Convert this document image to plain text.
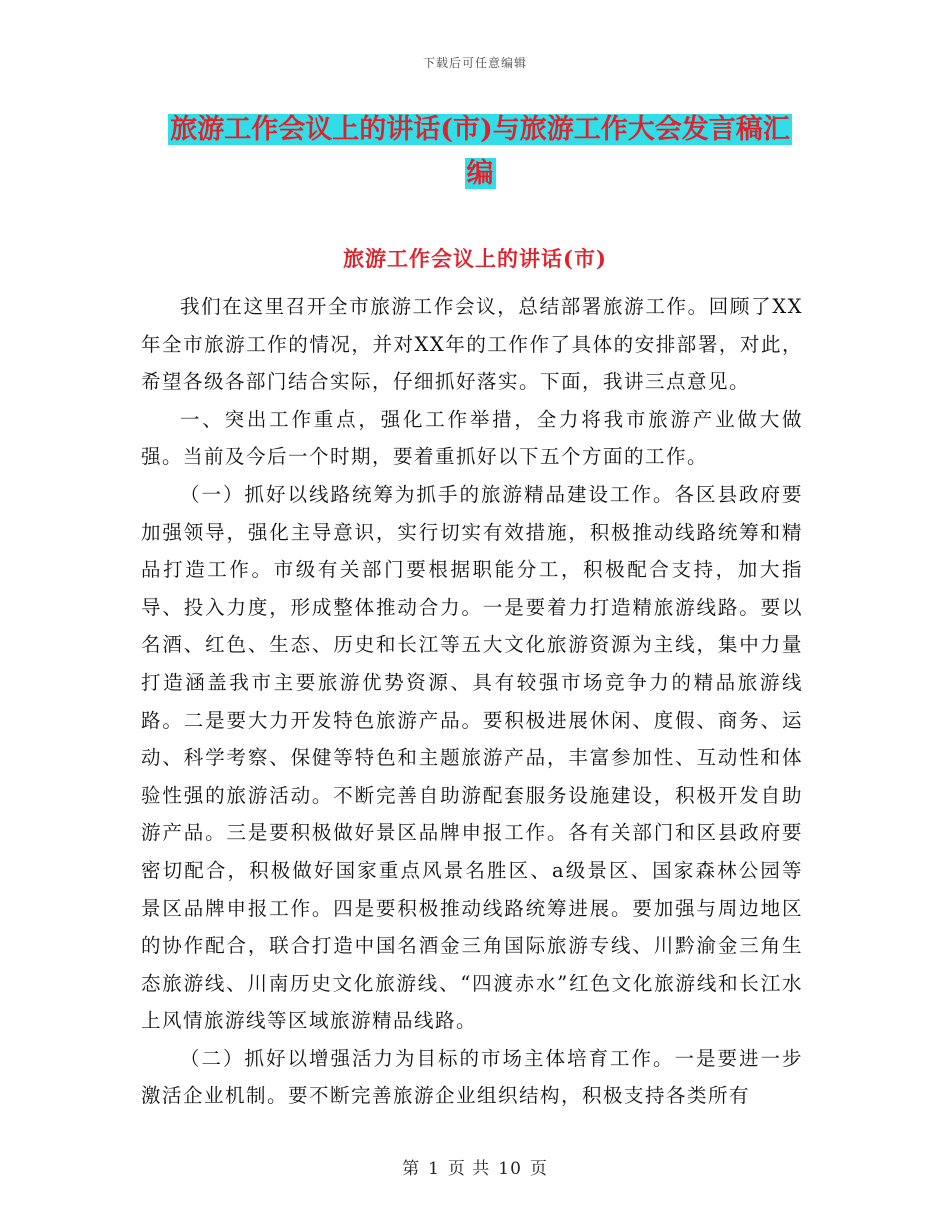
下载后可任意编辑
旅游工作会议上的讲话(市)与旅游工作大会发言稿汇
编
旅游工作会议上的讲话(市)

我们在这里召开全市旅游工作会议，总结部署旅游工作。回顾了XX年全市旅游工作的情况，并对XX年的工作作了具体的安排部署，对此，希望各级各部门结合实际，仔细抓好落实。下面，我讲三点意见。

一、突出工作重点，强化工作举措，全力将我市旅游产业做大做强。当前及今后一个时期，要着重抓好以下五个方面的工作。

（一）抓好以线路统筹为抓手的旅游精品建设工作。各区县政府要加强领导，强化主导意识，实行切实有效措施，积极推动线路统筹和精品打造工作。市级有关部门要根据职能分工，积极配合支持，加大指导、投入力度，形成整体推动合力。一是要着力打造精旅游线路。要以名酒、红色、生态、历史和长江等五大文化旅游资源为主线，集中力量打造涵盖我市主要旅游优势资源、具有较强市场竞争力的精品旅游线路。二是要大力开发特色旅游产品。要积极进展休闲、度假、商务、运动、科学考察、保健等特色和主题旅游产品，丰富参加性、互动性和体验性强的旅游活动。不断完善自助游配套服务设施建设，积极开发自助游产品。三是要积极做好景区品牌申报工作。各有关部门和区县政府要密切配合，积极做好国家重点风景名胜区、a级景区、国家森林公园等景区品牌申报工作。四是要积极推动线路统筹进展。要加强与周边地区的协作配合，联合打造中国名酒金三角国际旅游专线、川黔渝金三角生态旅游线、川南历史文化旅游线、“四渡赤水”红色文化旅游线和长江水上风情旅游线等区域旅游精品线路。

（二）抓好以增强活力为目标的市场主体培育工作。一是要进一步激活企业机制。要不断完善旅游企业组织结构，积极支持各类所有

第 1 页 共 10 页
